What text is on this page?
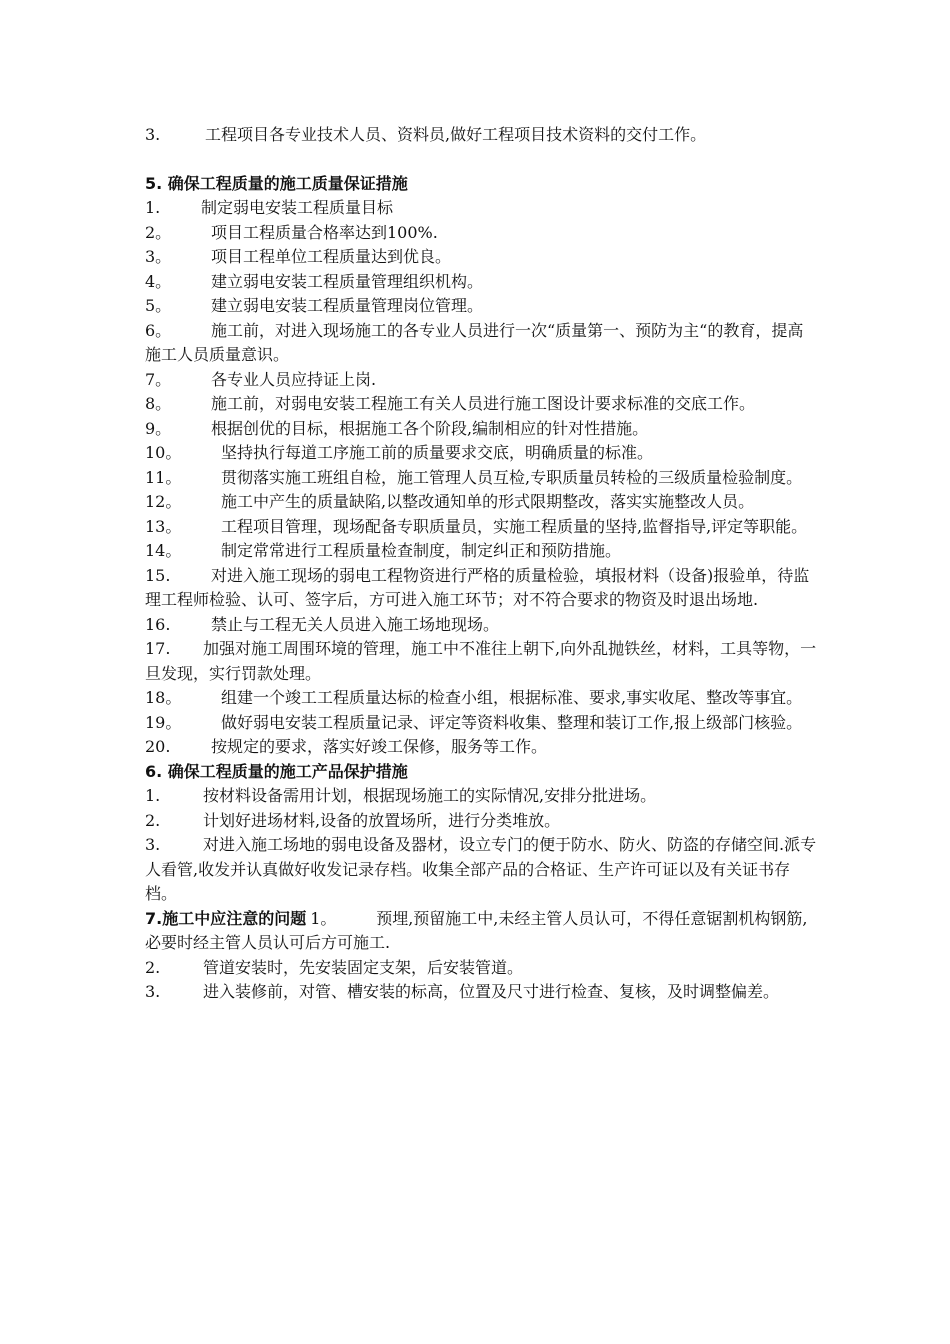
3.	工程项目各专业技术人员、资料员,做好工程项目技术资料的交付工作。

5. 确保工程质量的施工质量保证措施

1.	制定弱电安装工程质量目标

2。 项目工程质量合格率达到100%.

3。 项目工程单位工程质量达到优良。

4。 建立弱电安装工程质量管理组织机构。

5。 建立弱电安装工程质量管理岗位管理。

6。 施工前，对进入现场施工的各专业人员进行一次“质量第一、预防为主“的教育，提高施工人员质量意识。

7。 各专业人员应持证上岗.

8。 施工前，对弱电安装工程施工有关人员进行施工图设计要求标准的交底工作。

9。 根据创优的目标，根据施工各个阶段,编制相应的针对性措施。

10。 坚持执行每道工序施工前的质量要求交底，明确质量的标准。

11。 贯彻落实施工班组自检，施工管理人员互检,专职质量员转检的三级质量检验制度。

12。 施工中产生的质量缺陷,以整改通知单的形式限期整改，落实实施整改人员。

13。 工程项目管理，现场配备专职质量员，实施工程质量的坚持,监督指导,评定等职能。

14。 制定常常进行工程质量检查制度，制定纠正和预防措施。

15.	对进入施工现场的弱电工程物资进行严格的质量检验，填报材料（设备)报验单，待监理工程师检验、认可、签字后，方可进入施工环节；对不符合要求的物资及时退出场地.

16.	禁止与工程无关人员进入施工场地现场。

17. 加强对施工周围环境的管理，施工中不准往上朝下,向外乱抛铁丝，材料，工具等物，一旦发现，实行罚款处理。

18。 组建一个竣工工程质量达标的检查小组，根据标准、要求,事实收尾、整改等事宜。

19。 做好弱电安装工程质量记录、评定等资料收集、整理和装订工作,报上级部门核验。

20.	按规定的要求，落实好竣工保修，服务等工作。

6. 确保工程质量的施工产品保护措施

1.	按材料设备需用计划，根据现场施工的实际情况,安排分批进场。

2.	计划好进场材料,设备的放置场所，进行分类堆放。

3.	对进入施工场地的弱电设备及器材，设立专门的便于防水、防火、防盗的存储空间.派专人看管,收发并认真做好收发记录存档。收集全部产品的合格证、生产许可证以及有关证书存档。

7.施工中应注意的问题 1。 预埋,预留施工中,未经主管人员认可，不得任意锯割机构钢筋,必要时经主管人员认可后方可施工.

2.	管道安装时，先安装固定支架，后安装管道。

3.	进入装修前，对管、槽安装的标高，位置及尺寸进行检查、复核，及时调整偏差。
